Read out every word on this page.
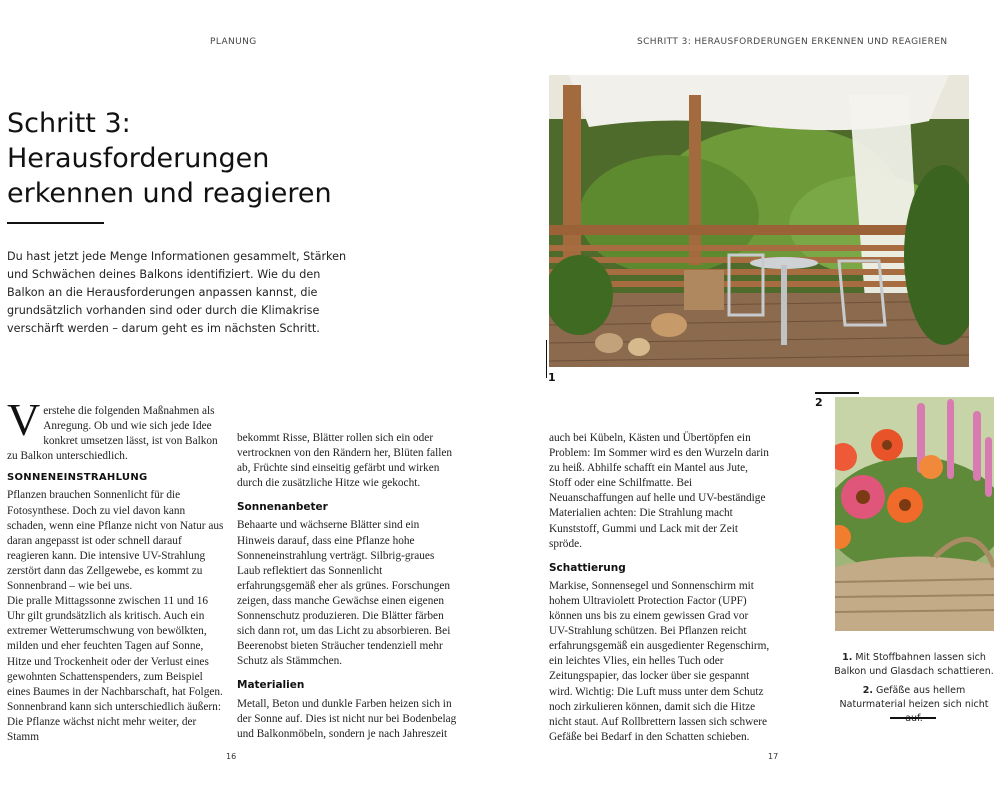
PLANUNG
Schritt 3:
Herausforderungen
erkennen und reagieren

Du hast jetzt jede Menge Informationen gesammelt, Stärken und Schwächen deines Balkons identifiziert. Wie du den Balkon an die Herausforderungen anpassen kannst, die grundsätzlich vorhanden sind oder durch die Klimakrise verschärft werden – darum geht es im nächsten Schritt.

Verstehe die folgenden Maßnahmen als Anregung. Ob und wie sich jede Idee konkret umsetzen lässt, ist von Balkon zu Balkon unterschiedlich.

SONNENEINSTRAHLUNG

Pflanzen brauchen Sonnenlicht für die Fotosynthese. Doch zu viel davon kann schaden, wenn eine Pflanze nicht von Natur aus daran angepasst ist oder schnell darauf reagieren kann. Die intensive UV-Strahlung zerstört dann das Zellgewebe, es kommt zu Sonnenbrand – wie bei uns.

Die pralle Mittagssonne zwischen 11 und 16 Uhr gilt grundsätzlich als kritisch. Auch ein extremer Wetterumschwung von bewölkten, milden und eher feuchten Tagen auf Sonne, Hitze und Trockenheit oder der Verlust eines gewohnten Schattenspenders, zum Beispiel eines Baumes in der Nachbarschaft, hat Folgen.

Sonnenbrand kann sich unterschiedlich äußern: Die Pflanze wächst nicht mehr weiter, der Stamm

bekommt Risse, Blätter rollen sich ein oder vertrocknen von den Rändern her, Blüten fallen ab, Früchte sind einseitig gefärbt und wirken durch die zusätzliche Hitze wie gekocht.

Sonnenanbeter

Behaarte und wächserne Blätter sind ein Hinweis darauf, dass eine Pflanze hohe Sonneneinstrahlung verträgt. Silbrig-graues Laub reflektiert das Sonnenlicht erfahrungsgemäß eher als grünes. Forschungen zeigen, dass manche Gewächse einen eigenen Sonnenschutz produzieren. Die Blätter färben sich dann rot, um das Licht zu absorbieren. Bei Beerenobst bieten Sträucher tendenziell mehr Schutz als Stämmchen.

Materialien

Metall, Beton und dunkle Farben heizen sich in der Sonne auf. Dies ist nicht nur bei Bodenbelag und Balkonmöbeln, sondern je nach Jahreszeit

16
SCHRITT 3: HERAUSFORDERUNGEN ERKENNEN UND REAGIEREN
1
2

auch bei Kübeln, Kästen und Übertöpfen ein Problem: Im Sommer wird es den Wurzeln darin zu heiß. Abhilfe schafft ein Mantel aus Jute, Stoff oder eine Schilfmatte. Bei Neuanschaffungen auf helle und UV-beständige Materialien achten: Die Strahlung macht Kunststoff, Gummi und Lack mit der Zeit spröde.

Schattierung

Markise, Sonnensegel und Sonnenschirm mit hohem Ultraviolett Protection Factor (UPF) können uns bis zu einem gewissen Grad vor UV-Strahlung schützen. Bei Pflanzen reicht erfahrungsgemäß ein ausgedienter Regenschirm, ein leichtes Vlies, ein helles Tuch oder Zeitungspapier, das locker über sie gespannt wird. Wichtig: Die Luft muss unter dem Schutz noch zirkulieren können, damit sich die Hitze nicht staut. Auf Rollbrettern lassen sich schwere Gefäße bei Bedarf in den Schatten schieben.

1. Mit Stoffbahnen lassen sich Balkon und Glasdach schattieren.
2. Gefäße aus hellem Naturmaterial heizen sich nicht
17
